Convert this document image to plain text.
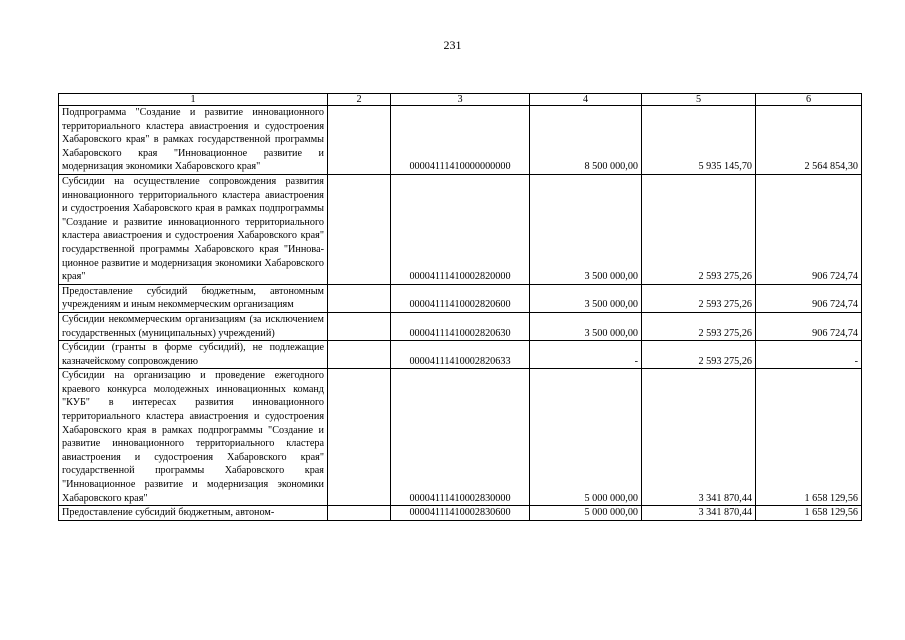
231
1	2	3	4	5	6
Подпрограмма "Создание и развитие инновационного территориального кластера авиастроения и судостроения Хабаровского края" в рамках государственной программы Хабаровского края "Инновационное развитие и модернизация экономики Хабаровского края"		00004111410000000000	8 500 000,00	5 935 145,70	2 564 854,30
Субсидии на осуществление сопровождения развития инновационного территориального кластера авиастроения и судостроения Хабаровского края в рамках подпрограммы "Создание и развитие инновационного территориального кластера авиастроения и судостроения Хабаровского края" государственной программы Хабаровского края "Инновационное развитие и модернизация экономики Хабаровского края"		00004111410002820000	3 500 000,00	2 593 275,26	906 724,74
Предоставление субсидий бюджетным, автономным учреждениям и иным некоммерческим организациям		00004111410002820600	3 500 000,00	2 593 275,26	906 724,74
Субсидии некоммерческим организациям (за исключением государственных (муниципальных) учреждений)		00004111410002820630	3 500 000,00	2 593 275,26	906 724,74
Субсидии (гранты в форме субсидий), не подлежащие казначейскому сопровождению		00004111410002820633	-	2 593 275,26	-
Субсидии на организацию и проведение ежегодного краевого конкурса молодежных инновационных команд "КУБ" в интересах развития инновационного территориального кластера авиастроения и судостроения Хабаровского края в рамках подпрограммы "Создание и развитие инновационного территориального кластера авиастроения и судостроения Хабаровского края" государственной программы Хабаровского края "Инновационное развитие и модернизация экономики Хабаровского края"		00004111410002830000	5 000 000,00	3 341 870,44	1 658 129,56
Предоставление субсидий бюджетным, автоном-		00004111410002830600	5 000 000,00	3 341 870,44	1 658 129,56
